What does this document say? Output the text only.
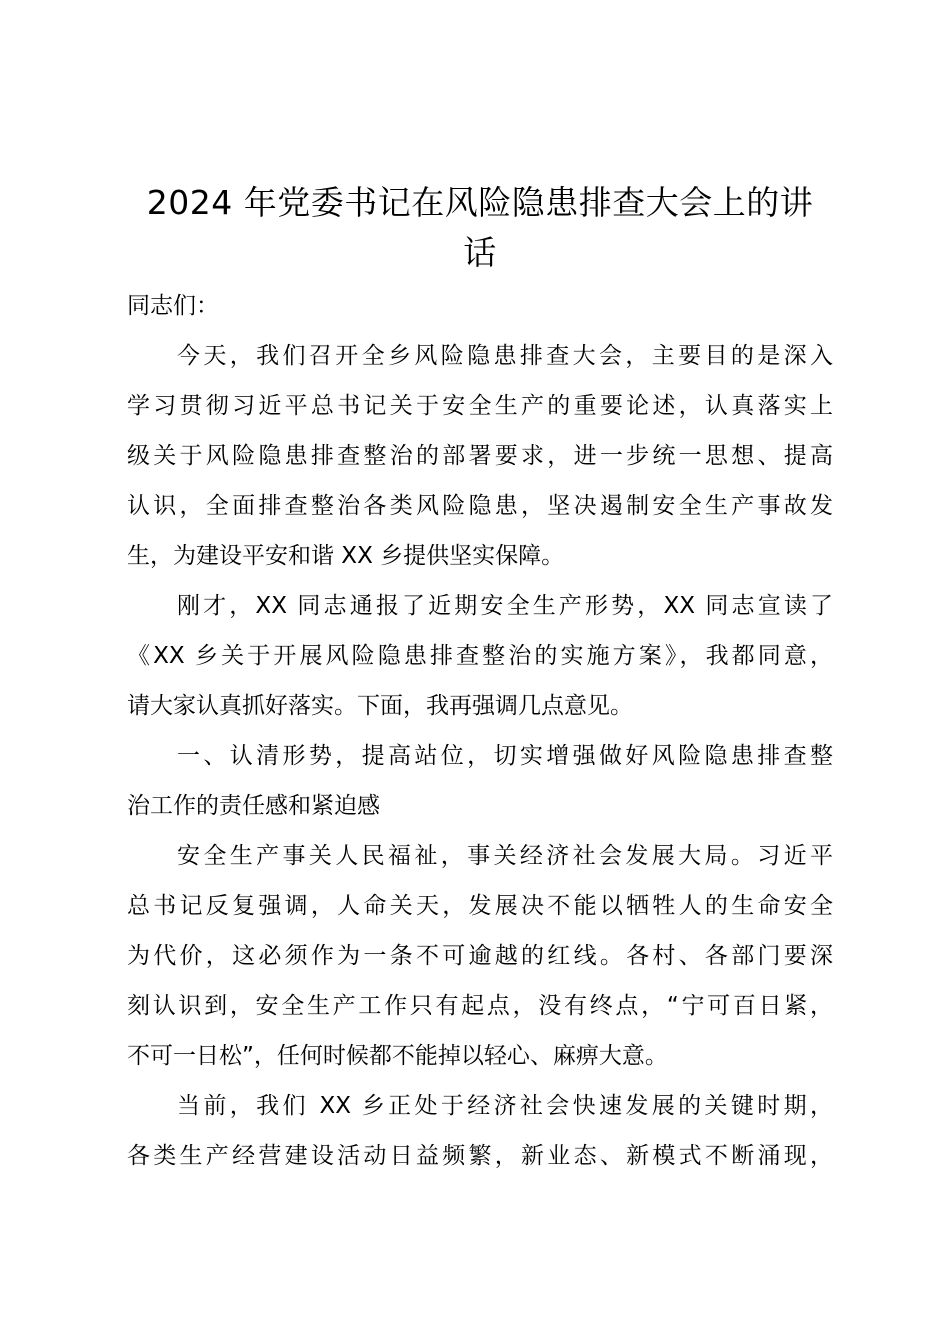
2024 年党委书记在风险隐患排查大会上的讲
话

同志们：

今天，我们召开全乡风险隐患排查大会，主要目的是深入

学习贯彻习近平总书记关于安全生产的重要论述，认真落实上

级关于风险隐患排查整治的部署要求，进一步统一思想、提高

认识，全面排查整治各类风险隐患，坚决遏制安全生产事故发

生，为建设平安和谐 XX 乡提供坚实保障。

刚才，XX 同志通报了近期安全生产形势，XX 同志宣读了

《XX 乡关于开展风险隐患排查整治的实施方案》，我都同意，

请大家认真抓好落实。下面，我再强调几点意见。

一、认清形势，提高站位，切实增强做好风险隐患排查整

治工作的责任感和紧迫感

安全生产事关人民福祉，事关经济社会发展大局。习近平

总书记反复强调，人命关天，发展决不能以牺牲人的生命安全

为代价，这必须作为一条不可逾越的红线。各村、各部门要深

刻认识到，安全生产工作只有起点，没有终点，“宁可百日紧，

不可一日松”，任何时候都不能掉以轻心、麻痹大意。

当前，我们 XX 乡正处于经济社会快速发展的关键时期，

各类生产经营建设活动日益频繁，新业态、新模式不断涌现，
